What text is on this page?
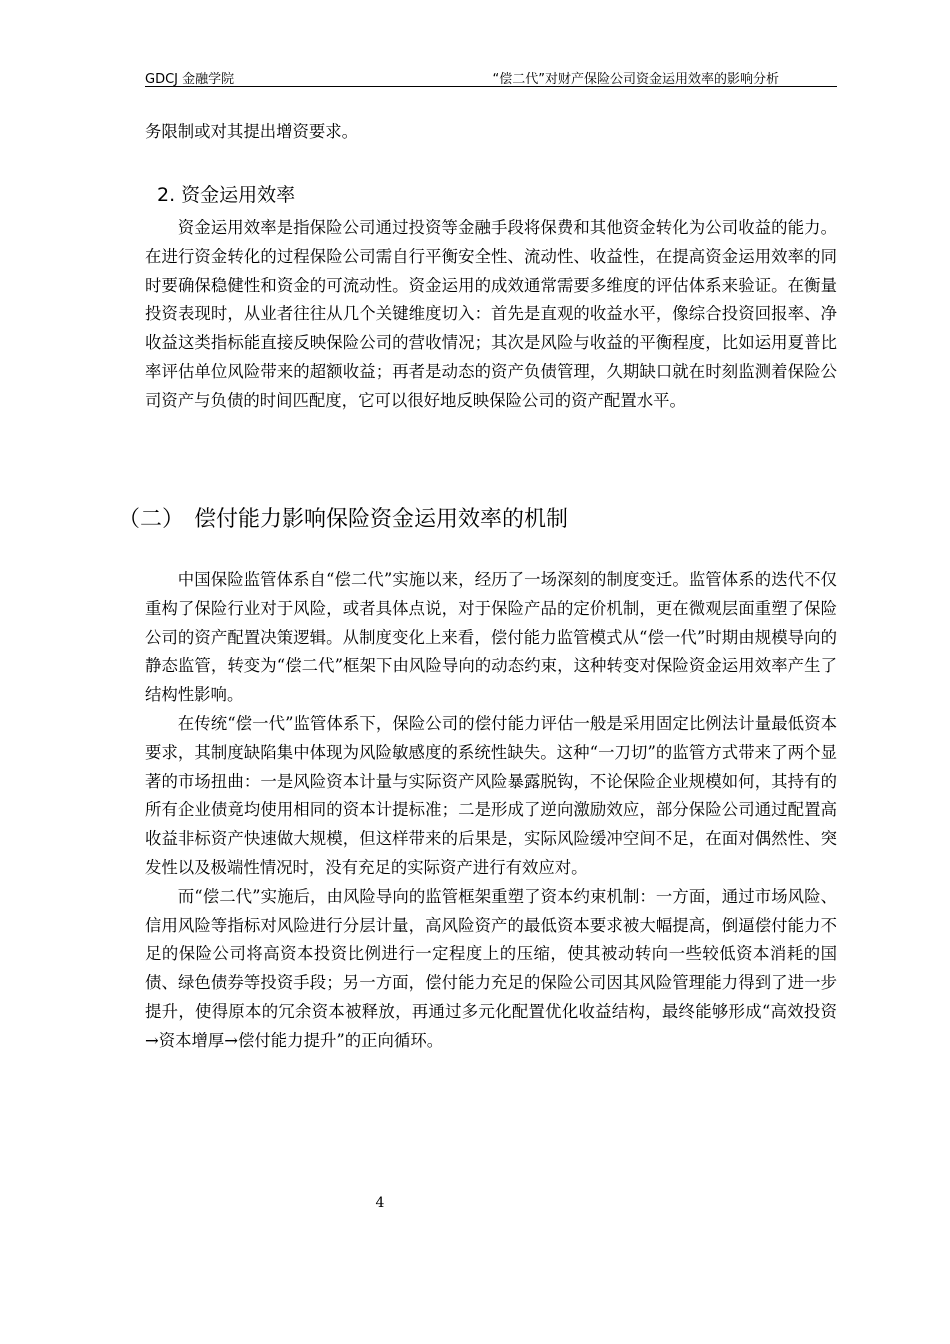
GDCJ 金融学院	“偿二代”对财产保险公司资金运用效率的影响分析

务限制或对其提出增资要求。

2. 资金运用效率

资金运用效率是指保险公司通过投资等金融手段将保费和其他资金转化为公司收益的能力。在进行资金转化的过程保险公司需自行平衡安全性、流动性、收益性，在提高资金运用效率的同时要确保稳健性和资金的可流动性。资金运用的成效通常需要多维度的评估体系来验证。在衡量投资表现时，从业者往往从几个关键维度切入：首先是直观的收益水平，像综合投资回报率、净收益这类指标能直接反映保险公司的营收情况；其次是风险与收益的平衡程度，比如运用夏普比率评估单位风险带来的超额收益；再者是动态的资产负债管理，久期缺口就在时刻监测着保险公司资产与负债的时间匹配度，它可以很好地反映保险公司的资产配置水平。

（二） 偿付能力影响保险资金运用效率的机制

中国保险监管体系自“偿二代”实施以来，经历了一场深刻的制度变迁。监管体系的迭代不仅重构了保险行业对于风险，或者具体点说，对于保险产品的定价机制，更在微观层面重塑了保险公司的资产配置决策逻辑。从制度变化上来看，偿付能力监管模式从“偿一代”时期由规模导向的静态监管，转变为“偿二代”框架下由风险导向的动态约束，这种转变对保险资金运用效率产生了结构性影响。

在传统“偿一代”监管体系下，保险公司的偿付能力评估一般是采用固定比例法计量最低资本要求，其制度缺陷集中体现为风险敏感度的系统性缺失。这种“一刀切”的监管方式带来了两个显著的市场扭曲：一是风险资本计量与实际资产风险暴露脱钩，不论保险企业规模如何，其持有的所有企业债竟均使用相同的资本计提标准；二是形成了逆向激励效应，部分保险公司通过配置高收益非标资产快速做大规模，但这样带来的后果是，实际风险缓冲空间不足，在面对偶然性、突发性以及极端性情况时，没有充足的实际资产进行有效应对。

而“偿二代”实施后，由风险导向的监管框架重塑了资本约束机制：一方面，通过市场风险、信用风险等指标对风险进行分层计量，高风险资产的最低资本要求被大幅提高，倒逼偿付能力不足的保险公司将高资本投资比例进行一定程度上的压缩，使其被动转向一些较低资本消耗的国债、绿色债券等投资手段；另一方面，偿付能力充足的保险公司因其风险管理能力得到了进一步提升，使得原本的冗余资本被释放，再通过多元化配置优化收益结构，最终能够形成“高效投资→资本增厚→偿付能力提升”的正向循环。

4
